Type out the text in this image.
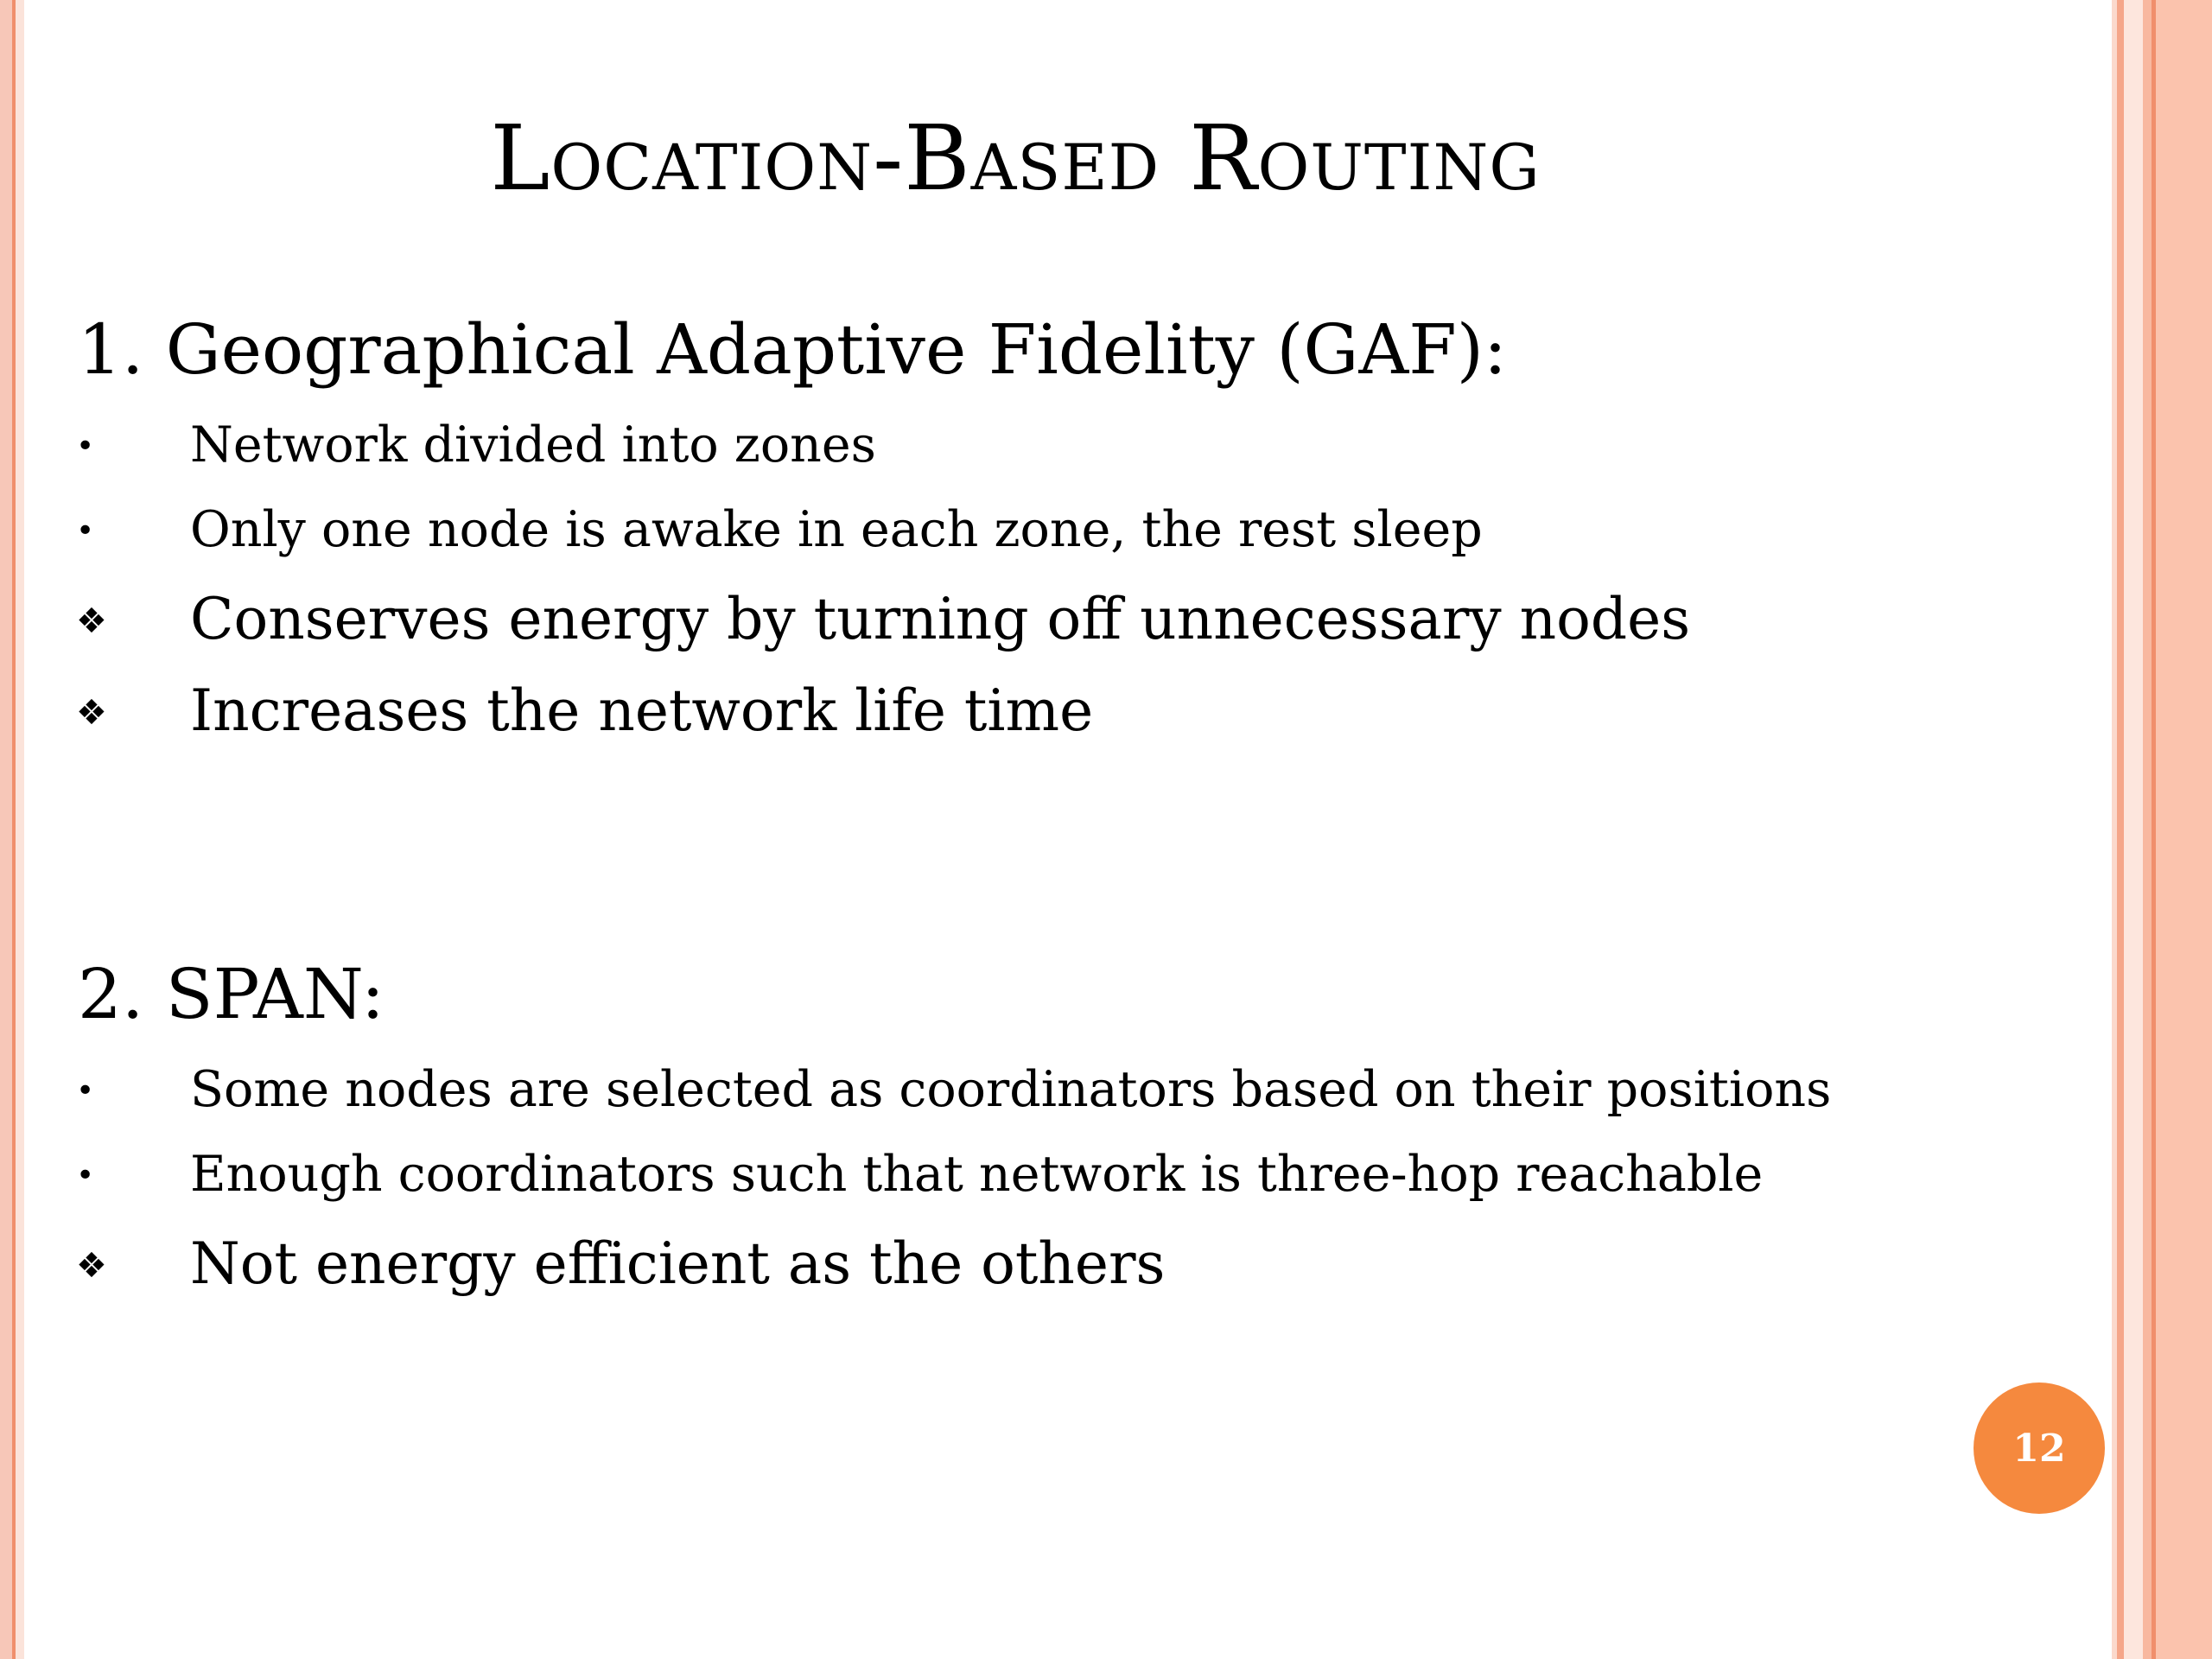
Location-Based Routing
1. Geographical Adaptive Fidelity (GAF):
• Network divided into zones
• Only one node is awake in each zone, the rest sleep
❖ Conserves energy by turning off unnecessary nodes
❖ Increases the network life time
2. SPAN:
• Some nodes are selected as coordinators based on their positions
• Enough coordinators such that network is three-hop reachable
❖ Not energy efficient as the others
12
